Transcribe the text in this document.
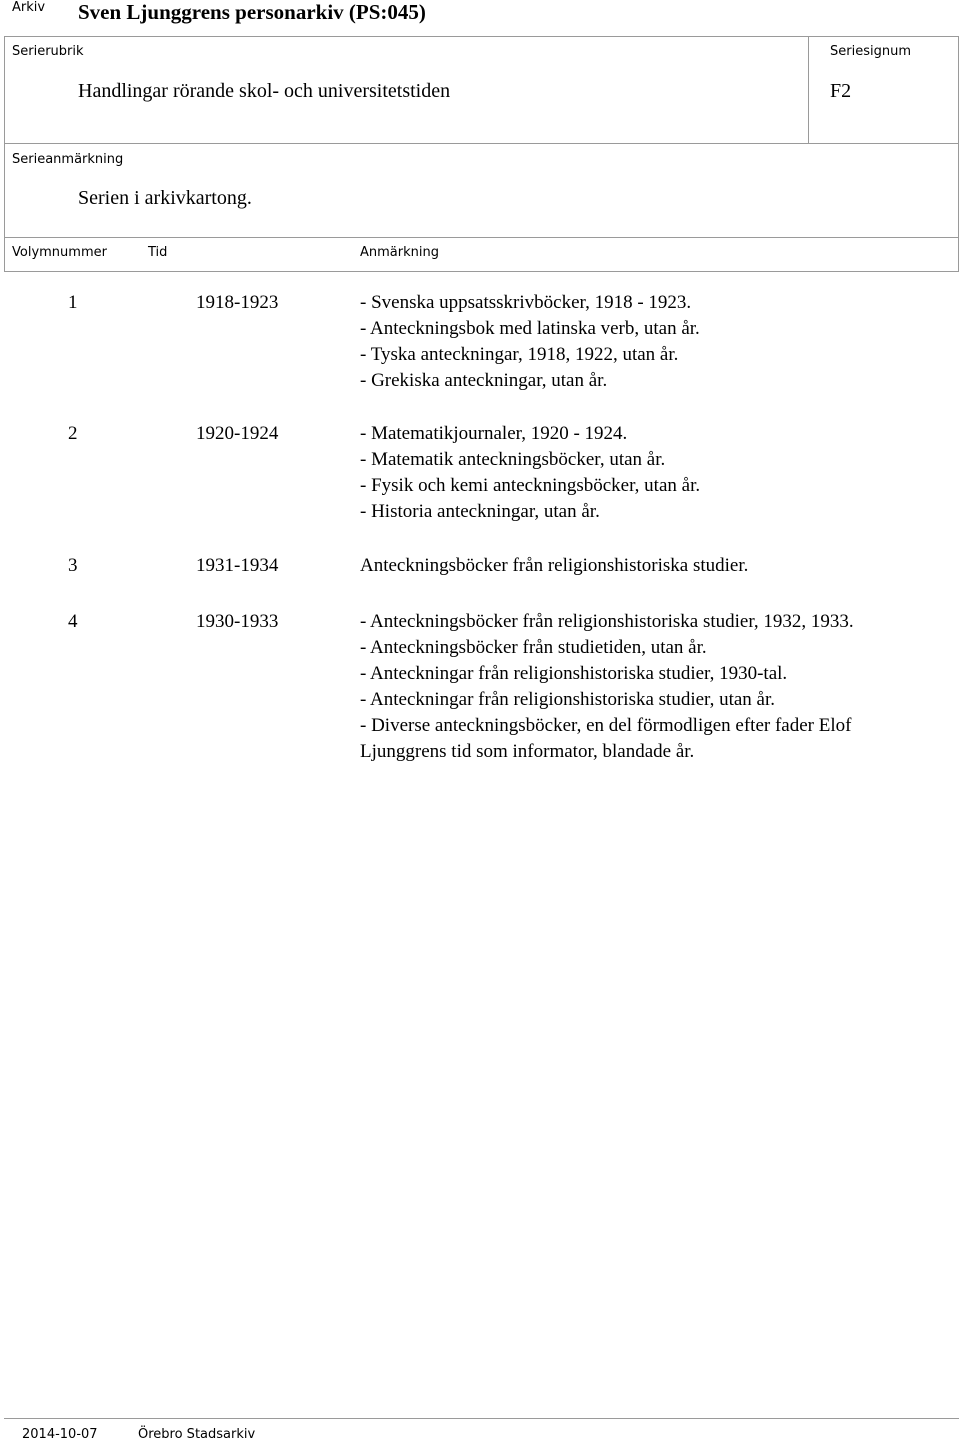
Arkiv Sven Ljunggrens personarkiv (PS:045)
Serierubrik
Handlingar rörande skol- och universitetstiden
Seriesignum
F2
Serieanmärkning
Serien i arkivkartong.
Volymnummer	Tid	Anmärkning
1	1918-1923	- Svenska uppsatsskrivböcker, 1918 - 1923.
- Anteckningsbok med latinska verb, utan år.
- Tyska anteckningar, 1918, 1922, utan år.
- Grekiska anteckningar, utan år.
2	1920-1924	- Matematikjournaler, 1920 - 1924.
- Matematik anteckningsböcker, utan år.
- Fysik och kemi anteckningsböcker, utan år.
- Historia anteckningar, utan år.
3	1931-1934	Anteckningsböcker från religionshistoriska studier.
4	1930-1933	- Anteckningsböcker från religionshistoriska studier, 1932, 1933.
- Anteckningsböcker från studietiden, utan år.
- Anteckningar från religionshistoriska studier, 1930-tal.
- Anteckningar från religionshistoriska studier, utan år.
- Diverse anteckningsböcker, en del förmodligen efter fader Elof
Ljunggrens tid som informator, blandade år.
2014-10-07	Örebro Stadsarkiv
